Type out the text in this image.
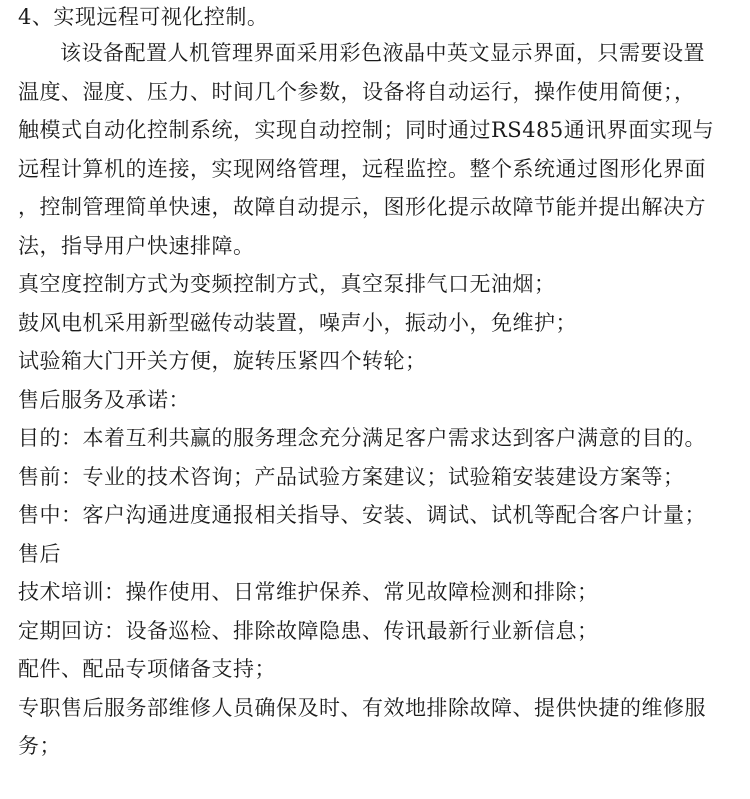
4、实现远程可视化控制。
该设备配置人机管理界面采用彩色液晶中英文显示界面，只需要设置
温度、湿度、压力、时间几个参数，设备将自动运行，操作使用简便；，
触模式自动化控制系统，实现自动控制；同时通过RS485通讯界面实现与
远程计算机的连接，实现网络管理，远程监控。整个系统通过图形化界面
，控制管理简单快速，故障自动提示，图形化提示故障节能并提出解决方
法，指导用户快速排障。
真空度控制方式为变频控制方式，真空泵排气口无油烟；
鼓风电机采用新型磁传动装置，噪声小，振动小，免维护；
试验箱大门开关方便，旋转压紧四个转轮；
售后服务及承诺：
目的：本着互利共赢的服务理念充分满足客户需求达到客户满意的目的。
售前：专业的技术咨询；产品试验方案建议；试验箱安装建设方案等；
售中：客户沟通进度通报相关指导、安装、调试、试机等配合客户计量；
售后
技术培训：操作使用、日常维护保养、常见故障检测和排除；
定期回访：设备巡检、排除故障隐患、传讯最新行业新信息；
配件、配品专项储备支持；
专职售后服务部维修人员确保及时、有效地排除故障、提供快捷的维修服
务；
